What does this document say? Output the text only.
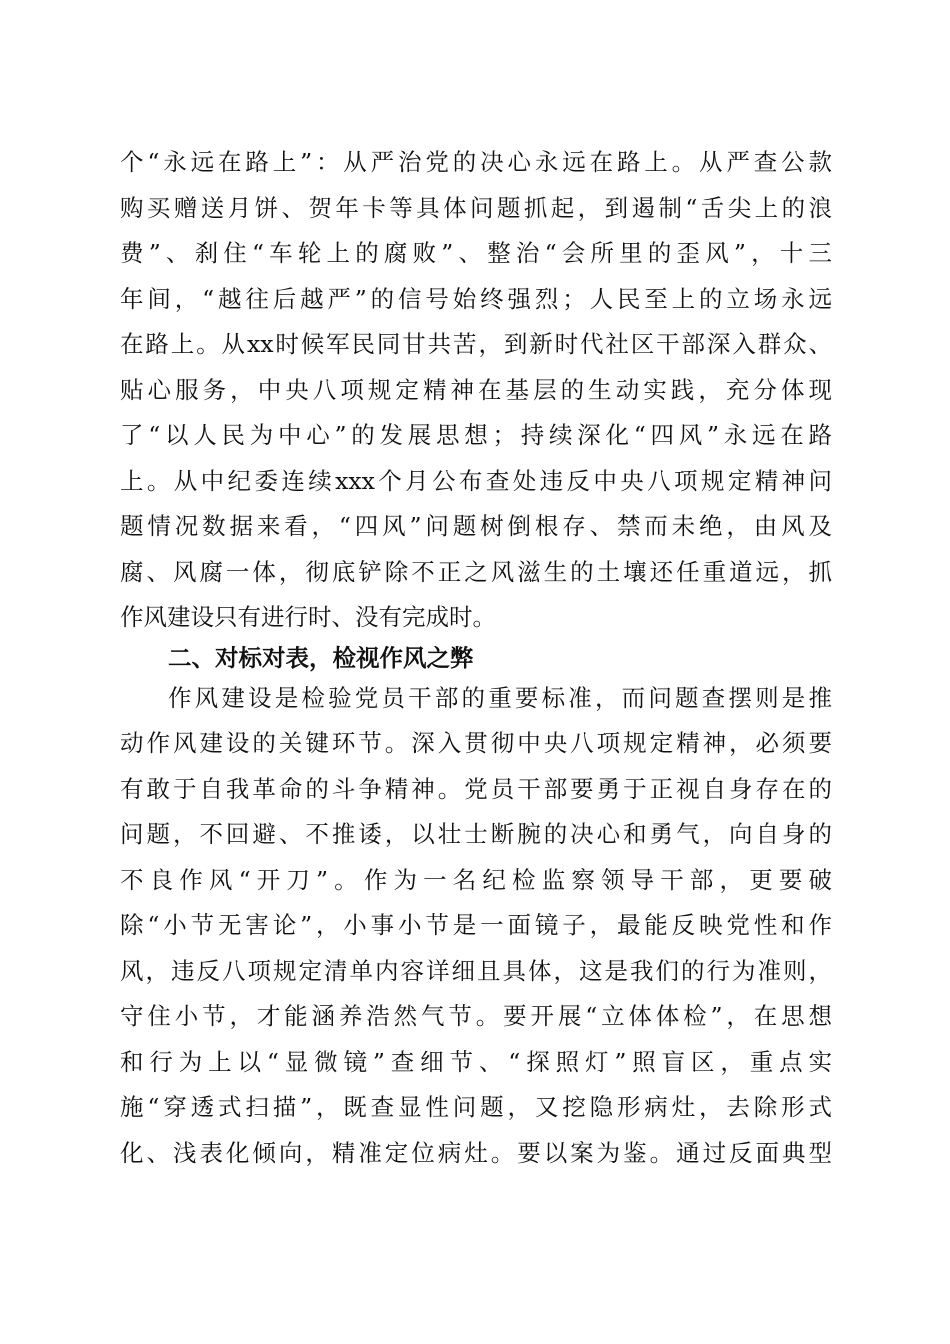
个“永远在路上”：从严治党的决心永远在路上。从严查公款
购买赠送月饼、贺年卡等具体问题抓起，到遏制“舌尖上的浪
费”、刹住“车轮上的腐败”、整治“会所里的歪风”，十三
年间，“越往后越严”的信号始终强烈；人民至上的立场永远
在路上。从xx时候军民同甘共苦，到新时代社区干部深入群众、
贴心服务，中央八项规定精神在基层的生动实践，充分体现
了“以人民为中心”的发展思想；持续深化“四风”永远在路
上。从中纪委连续xxx个月公布查处违反中央八项规定精神问
题情况数据来看，“四风”问题树倒根存、禁而未绝，由风及
腐、风腐一体，彻底铲除不正之风滋生的土壤还任重道远，抓
作风建设只有进行时、没有完成时。
二、对标对表，检视作风之弊
作风建设是检验党员干部的重要标准，而问题查摆则是推
动作风建设的关键环节。深入贯彻中央八项规定精神，必须要
有敢于自我革命的斗争精神。党员干部要勇于正视自身存在的
问题，不回避、不推诿，以壮士断腕的决心和勇气，向自身的
不良作风“开刀”。作为一名纪检监察领导干部，更要破
除“小节无害论”，小事小节是一面镜子，最能反映党性和作
风，违反八项规定清单内容详细且具体，这是我们的行为准则，
守住小节，才能涵养浩然气节。要开展“立体体检”，在思想
和行为上以“显微镜”查细节、“探照灯”照盲区，重点实
施“穿透式扫描”，既查显性问题，又挖隐形病灶，去除形式
化、浅表化倾向，精准定位病灶。要以案为鉴。通过反面典型
